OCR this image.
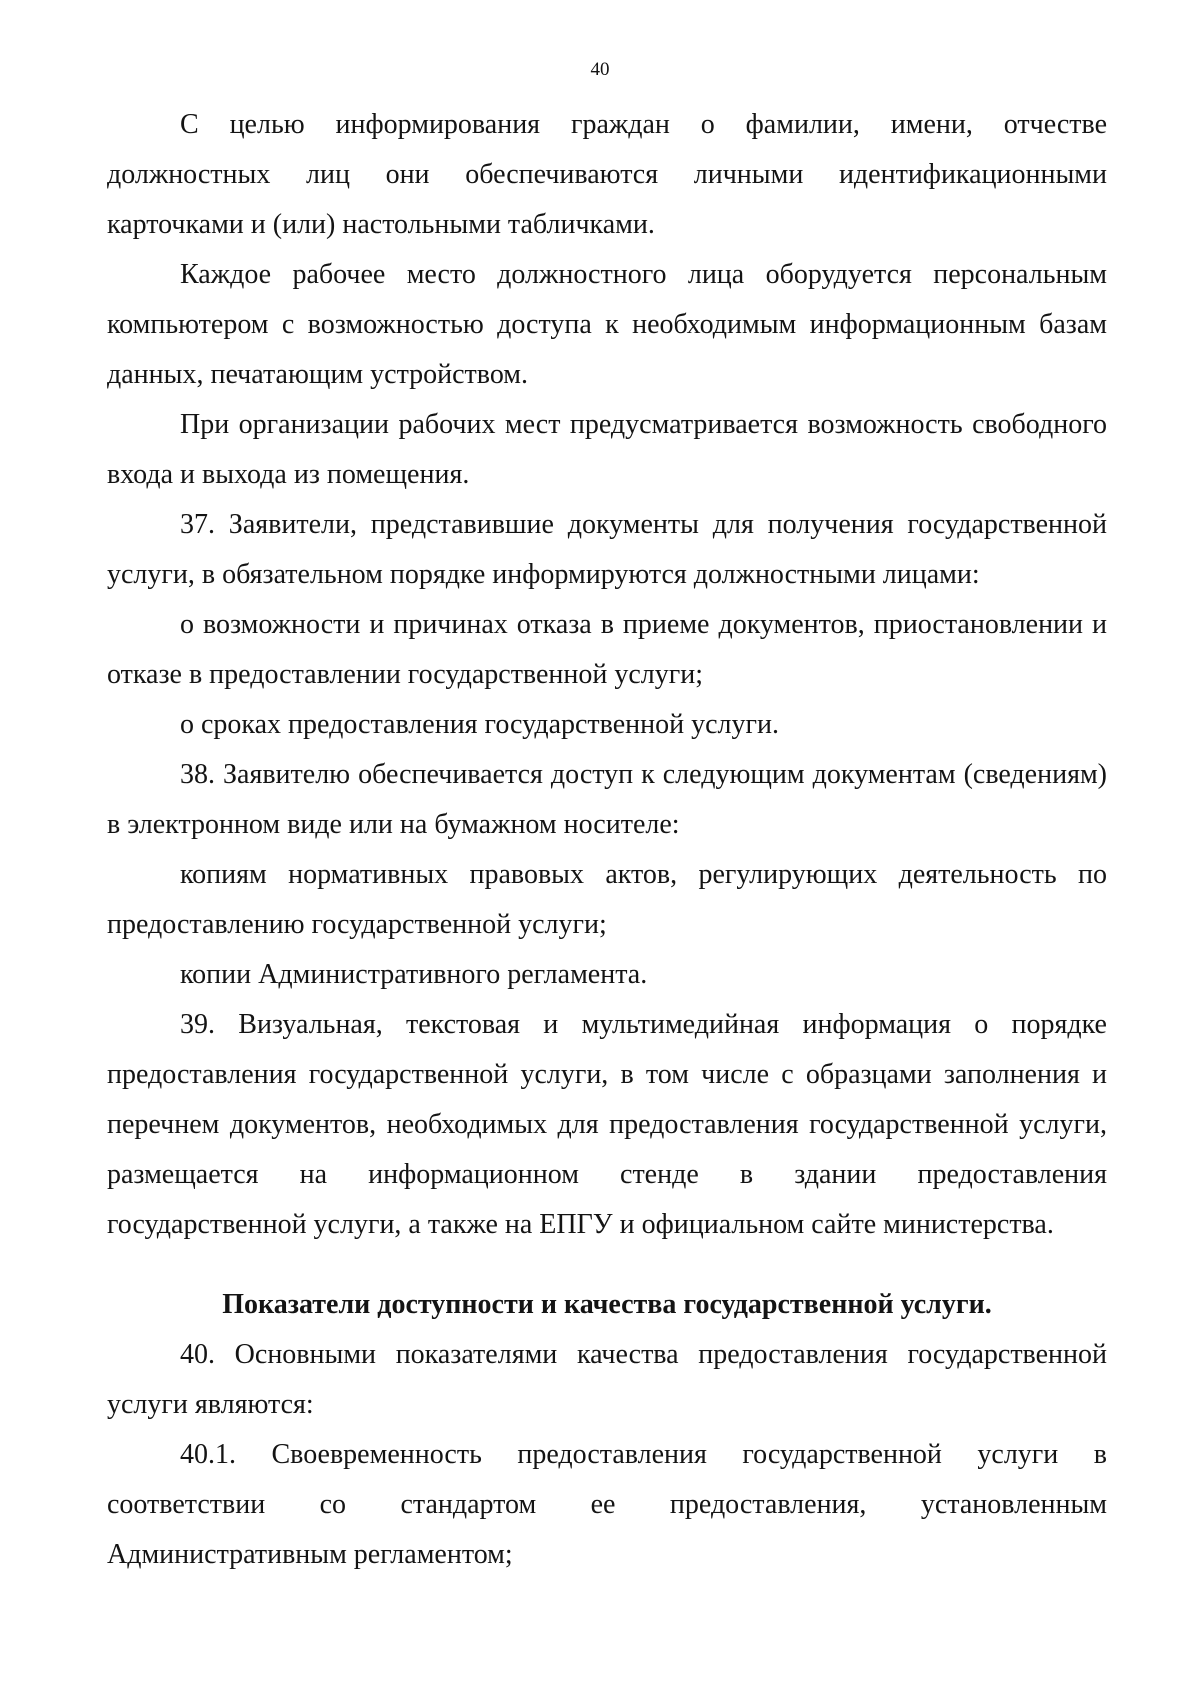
40

С целью информирования граждан о фамилии, имени, отчестве должностных лиц они обеспечиваются личными идентификационными карточками и (или) настольными табличками.

Каждое рабочее место должностного лица оборудуется персональным компьютером с возможностью доступа к необходимым информационным базам данных, печатающим устройством.

При организации рабочих мест предусматривается возможность свободного входа и выхода из помещения.

37. Заявители, представившие документы для получения государственной услуги, в обязательном порядке информируются должностными лицами:

о возможности и причинах отказа в приеме документов, приостановлении и отказе в предоставлении государственной услуги;

о сроках предоставления государственной услуги.

38. Заявителю обеспечивается доступ к следующим документам (сведениям) в электронном виде или на бумажном носителе:

копиям нормативных правовых актов, регулирующих деятельность по предоставлению государственной услуги;

копии Административного регламента.

39. Визуальная, текстовая и мультимедийная информация о порядке предоставления государственной услуги, в том числе с образцами заполнения и перечнем документов, необходимых для предоставления государственной услуги, размещается на информационном стенде в здании предоставления государственной услуги, а также на ЕПГУ и официальном сайте министерства.

Показатели доступности и качества государственной услуги.

40. Основными показателями качества предоставления государственной услуги являются:

40.1. Своевременность предоставления государственной услуги в соответствии со стандартом ее предоставления, установленным Административным регламентом;
